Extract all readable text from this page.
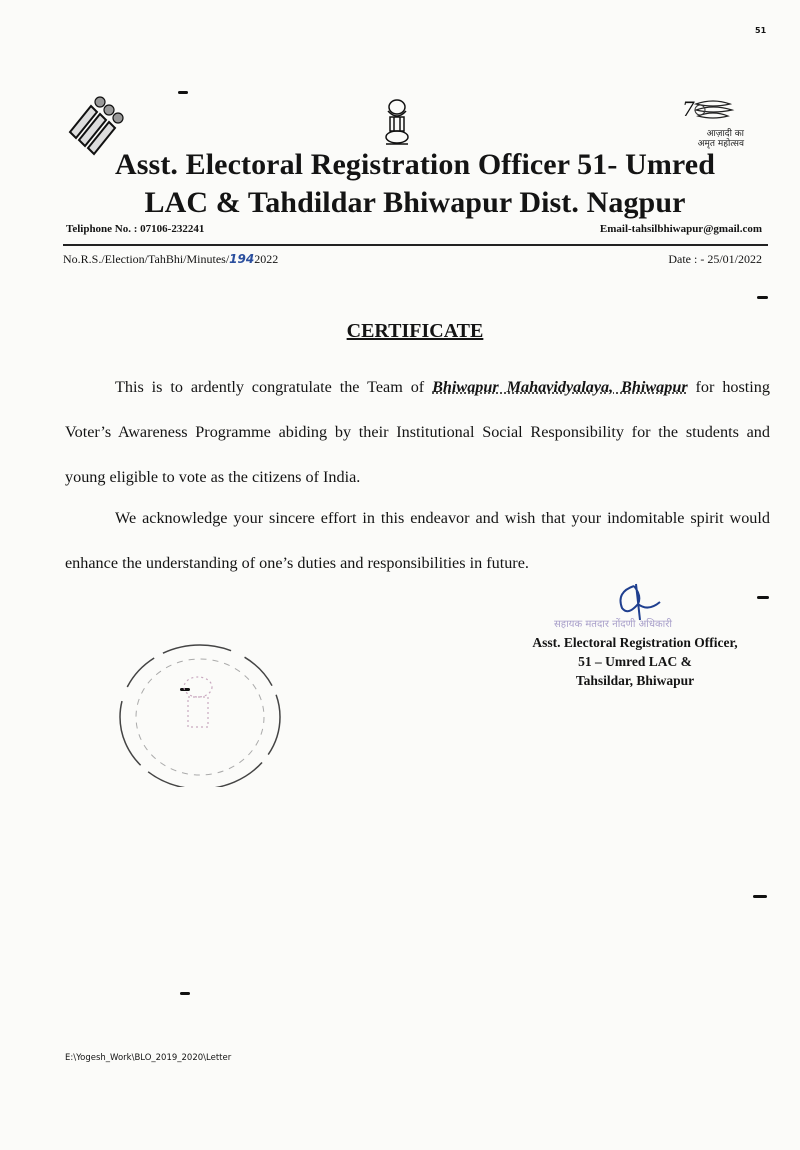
51
7
आज़ादी का
अमृत महोत्सव
Asst. Electoral Registration Officer 51- Umred
LAC & Tahdildar Bhiwapur Dist. Nagpur
Teliphone No. : 07106-232241	Email-tahsilbhiwapur@gmail.com
No.R.S./Election/TahBhi/Minutes/1942022	Date : - 25/01/2022
CERTIFICATE
This is to ardently congratulate the Team of Bhiwapur Mahavidyalaya, Bhiwapur for hosting Voter’s Awareness Programme abiding by their Institutional Social Responsibility for the students and young eligible to vote as the citizens of India.
We acknowledge your sincere effort in this endeavor and wish that your indomitable spirit would enhance the understanding of one’s duties and responsibilities in future.
सहायक मतदार नोंदणी अधिकारी
Asst. Electoral Registration Officer,
51 – Umred LAC &
Tahsildar, Bhiwapur
E:\Yogesh_Work\BLO_2019_2020\Letter
